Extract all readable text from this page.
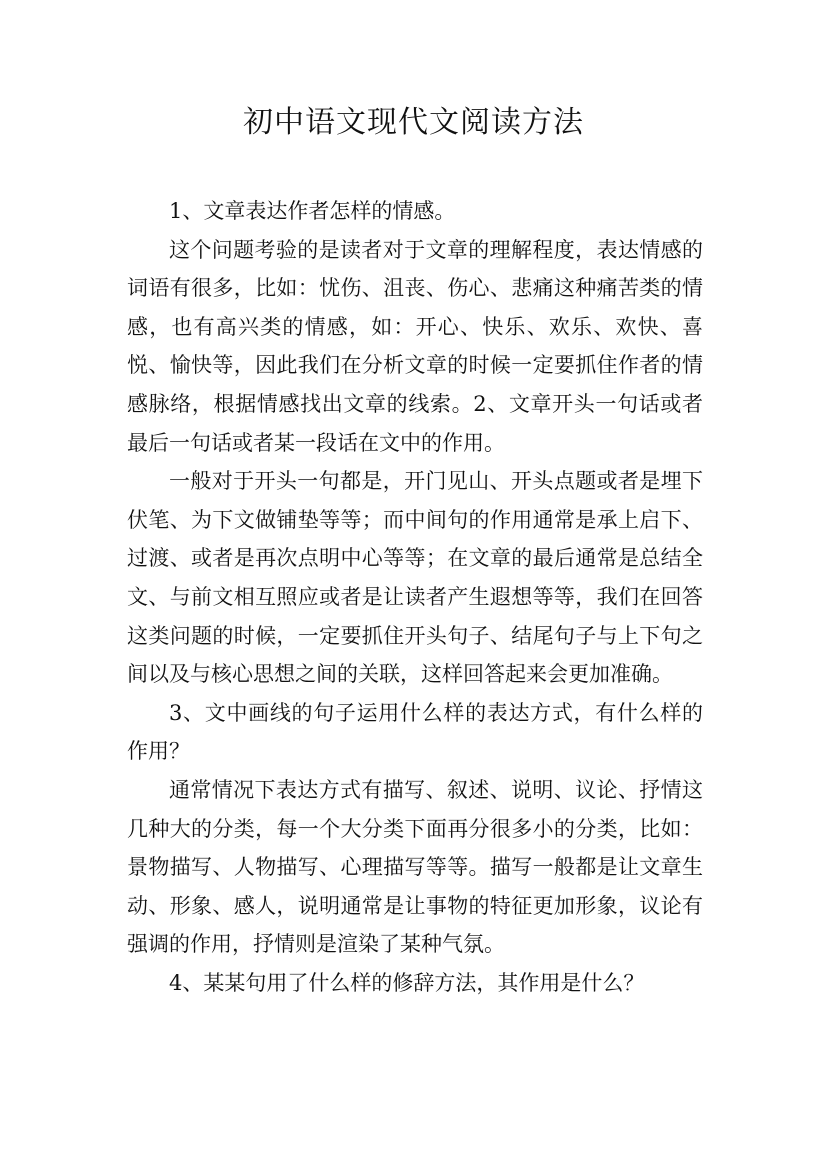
初中语文现代文阅读方法

1、文章表达作者怎样的情感。

这个问题考验的是读者对于文章的理解程度，表达情感的词语有很多，比如：忧伤、沮丧、伤心、悲痛这种痛苦类的情感，也有高兴类的情感，如：开心、快乐、欢乐、欢快、喜悦、愉快等，因此我们在分析文章的时候一定要抓住作者的情感脉络，根据情感找出文章的线索。2、文章开头一句话或者最后一句话或者某一段话在文中的作用。

一般对于开头一句都是，开门见山、开头点题或者是埋下伏笔、为下文做铺垫等等；而中间句的作用通常是承上启下、过渡、或者是再次点明中心等等；在文章的最后通常是总结全文、与前文相互照应或者是让读者产生遐想等等，我们在回答这类问题的时候，一定要抓住开头句子、结尾句子与上下句之间以及与核心思想之间的关联，这样回答起来会更加准确。

3、文中画线的句子运用什么样的表达方式，有什么样的作用？

通常情况下表达方式有描写、叙述、说明、议论、抒情这几种大的分类，每一个大分类下面再分很多小的分类，比如：景物描写、人物描写、心理描写等等。描写一般都是让文章生动、形象、感人，说明通常是让事物的特征更加形象，议论有强调的作用，抒情则是渲染了某种气氛。

4、某某句用了什么样的修辞方法，其作用是什么？
